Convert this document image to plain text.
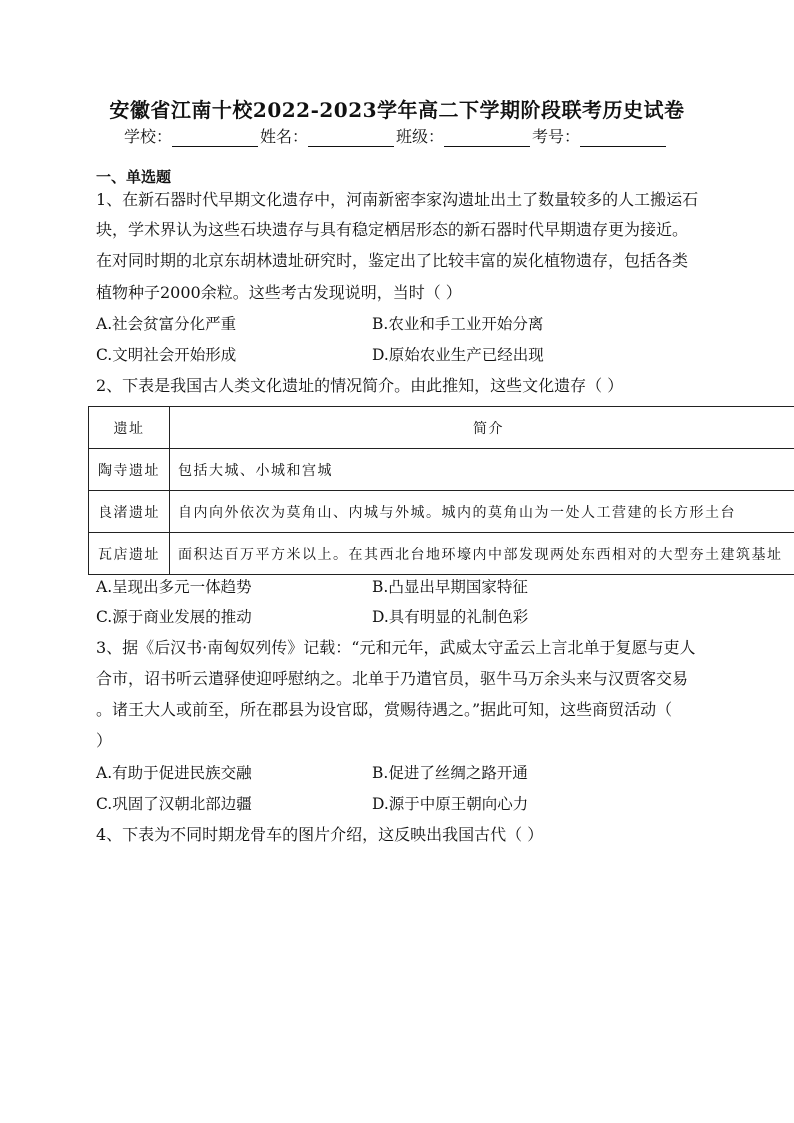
安徽省江南十校2022-2023学年高二下学期阶段联考历史试卷
学校：	姓名：	班级：	考号：
一、单选题
1、在新石器时代早期文化遗存中，河南新密李家沟遗址出土了数量较多的人工搬运石
块，学术界认为这些石块遗存与具有稳定栖居形态的新石器时代早期遗存更为接近。
在对同时期的北京东胡林遗址研究时，鉴定出了比较丰富的炭化植物遗存，包括各类
植物种子2000余粒。这些考古发现说明，当时（ ）
A.社会贫富分化严重	B.农业和手工业开始分离
C.文明社会开始形成	D.原始农业生产已经出现
2、下表是我国古人类文化遗址的情况简介。由此推知，这些文化遗存（ ）
遗址	简介
陶寺遗址	包括大城、小城和宫城
良渚遗址	自内向外依次为莫角山、内城与外城。城内的莫角山为一处人工营建的长方形土台
瓦店遗址	面积达百万平方米以上。在其西北台地环壕内中部发现两处东西相对的大型夯土建筑基址
A.呈现出多元一体趋势	B.凸显出早期国家特征
C.源于商业发展的推动	D.具有明显的礼制色彩
3、据《后汉书·南匈奴列传》记载：“元和元年，武威太守孟云上言北单于复愿与吏人
合市，诏书听云遣驿使迎呼慰纳之。北单于乃遣官员，驱牛马万余头来与汉贾客交易
。诸王大人或前至，所在郡县为设官邸，赏赐待遇之。”据此可知，这些商贸活动（
）
A.有助于促进民族交融	B.促进了丝绸之路开通
C.巩固了汉朝北部边疆	D.源于中原王朝向心力
4、下表为不同时期龙骨车的图片介绍，这反映出我国古代（ ）
